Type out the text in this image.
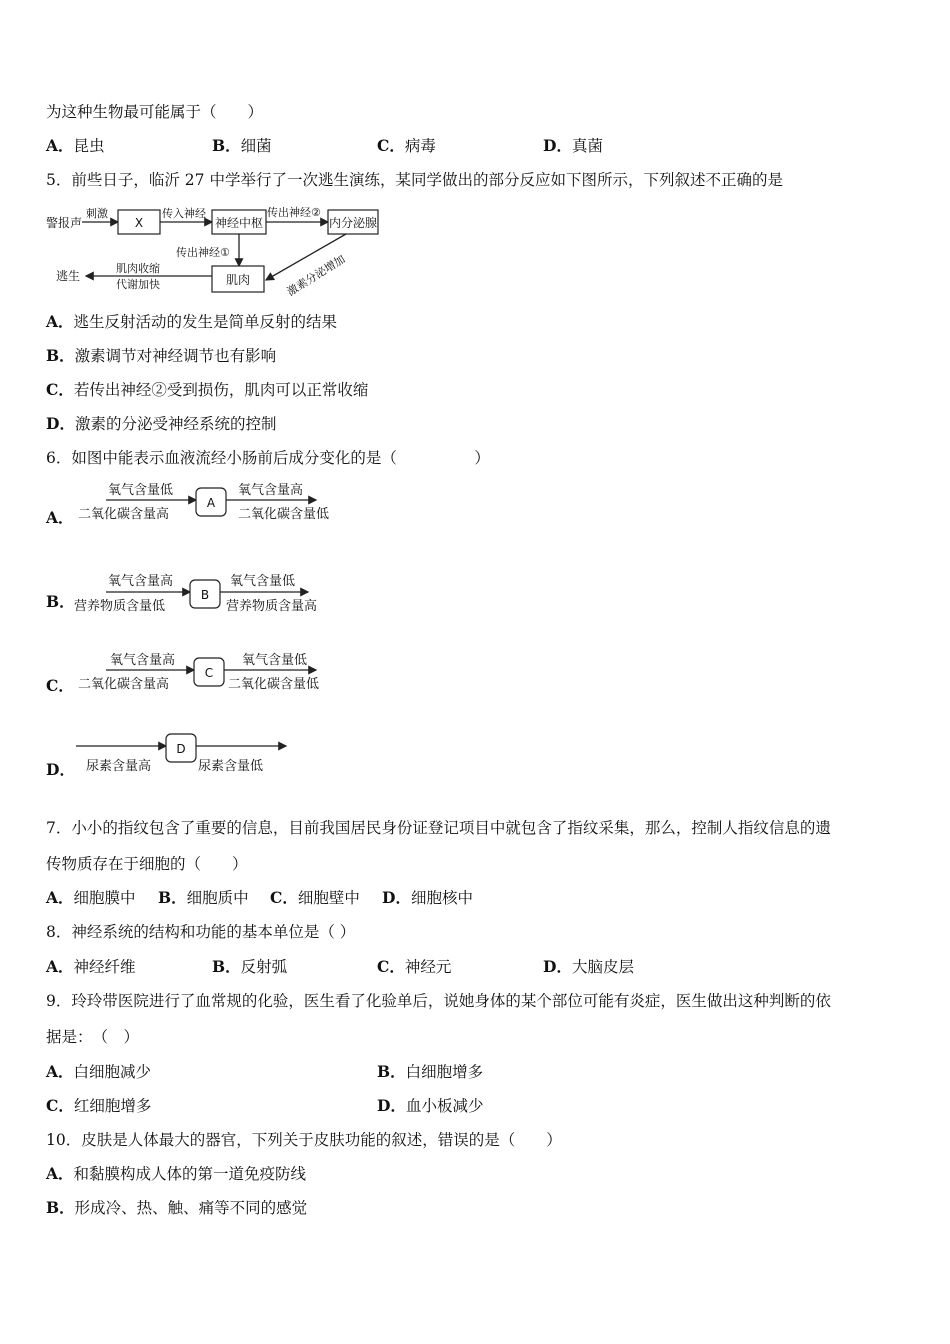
为这种生物最可能属于（　　）
A．昆虫	B．细菌	C．病毒	D．真菌
5．前些日子，临沂 27 中学举行了一次逃生演练，某同学做出的部分反应如下图所示，下列叙述不正确的是
警报声
刺激
X
传入神经
神经中枢
传出神经②
内分泌腺
传出神经①
肌肉	激素分泌增加
肌肉收缩
代谢加快
逃生
A．逃生反射活动的发生是简单反射的结果
B．激素调节对神经调节也有影响
C．若传出神经②受到损伤，肌肉可以正常收缩
D．激素的分泌受神经系统的控制
6．如图中能表示血液流经小肠前后成分变化的是（　　　　　）
A．
氧气含量低
二氧化碳含量高
A
氧气含量高
二氧化碳含量低
B．
氧气含量高
营养物质含量低
B
氧气含量低
营养物质含量高
C．
氧气含量高
二氧化碳含量高
C
氧气含量低
二氧化碳含量低
D． 尿素含量高
D
尿素含量低
7．小小的指纹包含了重要的信息，目前我国居民身份证登记项目中就包含了指纹采集，那么，控制人指纹信息的遗
传物质存在于细胞的（　　）
A．细胞膜中 B．细胞质中 C．细胞壁中 D．细胞核中
8．神经系统的结构和功能的基本单位是（ ）
A．神经纤维	B．反射弧	C．神经元	D．大脑皮层
9．玲玲带医院进行了血常规的化验，医生看了化验单后，说她身体的某个部位可能有炎症，医生做出这种判断的依
据是：　（　）
A．白细胞减少	B．白细胞增多
C．红细胞增多	D．血小板减少
10．皮肤是人体最大的器官，下列关于皮肤功能的叙述，错误的是（　　）
A．和黏膜构成人体的第一道免疫防线
B．形成冷、热、触、痛等不同的感觉
